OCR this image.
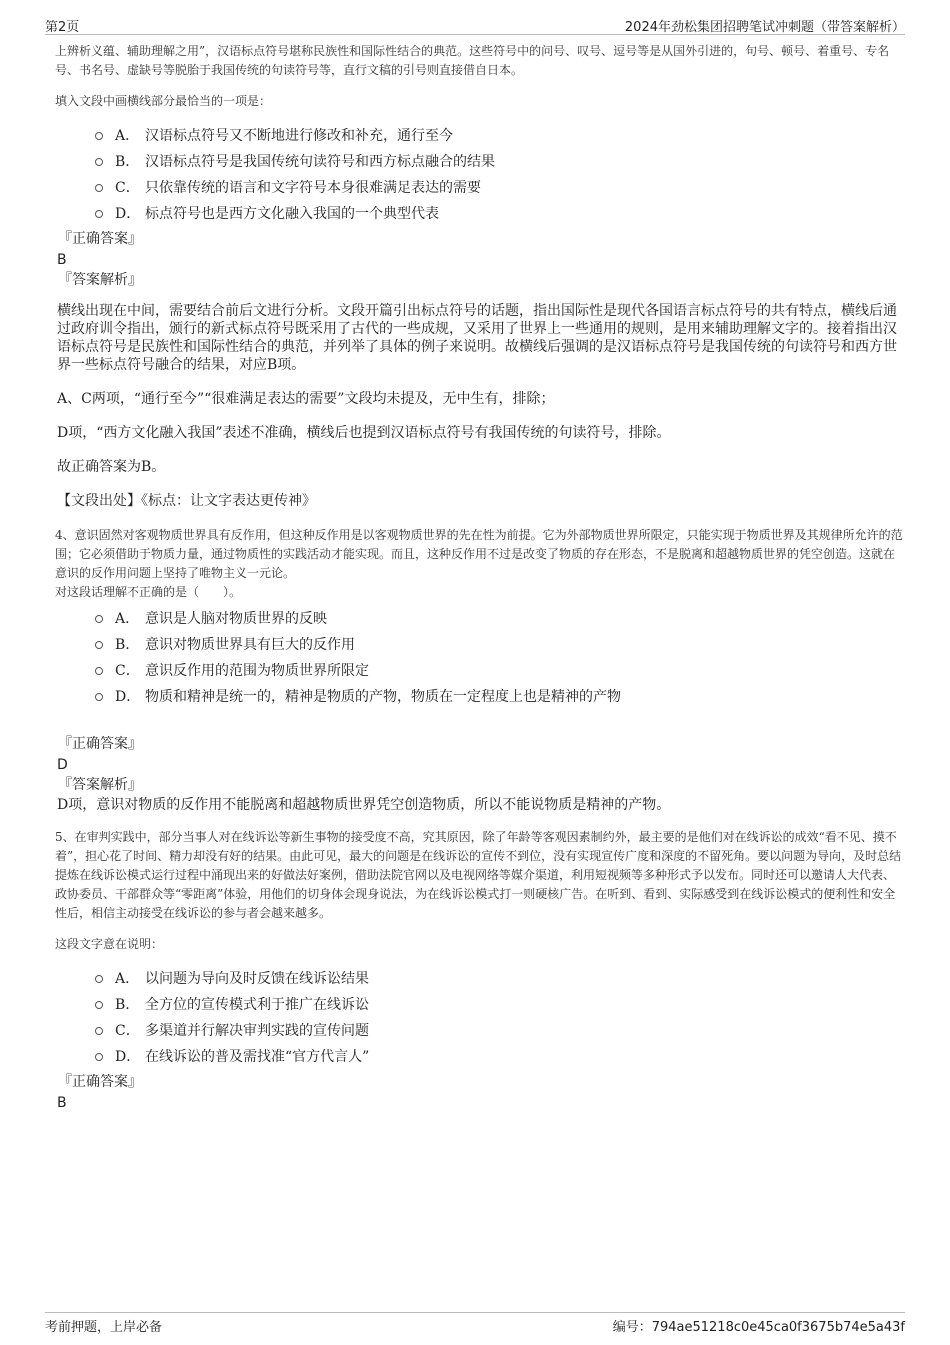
第2页	2024年劲松集团招聘笔试冲刺题（带答案解析）

上辨析义蕴、辅助理解之用”，汉语标点符号堪称民族性和国际性结合的典范。这些符号中的问号、叹号、逗号等是从国外引进的，句号、顿号、着重号、专名号、书名号、虚缺号等脱胎于我国传统的句读符号等，直行文稿的引号则直接借自日本。

填入文段中画横线部分最恰当的一项是：

A． 汉语标点符号又不断地进行修改和补充，通行至今
B． 汉语标点符号是我国传统句读符号和西方标点融合的结果
C． 只依靠传统的语言和文字符号本身很难满足表达的需要
D． 标点符号也是西方文化融入我国的一个典型代表

『正确答案』

B

『答案解析』

横线出现在中间，需要结合前后文进行分析。文段开篇引出标点符号的话题，指出国际性是现代各国语言标点符号的共有特点，横线后通过政府训令指出，颁行的新式标点符号既采用了古代的一些成规，又采用了世界上一些通用的规则，是用来辅助理解文字的。接着指出汉语标点符号是民族性和国际性结合的典范，并列举了具体的例子来说明。故横线后强调的是汉语标点符号是我国传统的句读符号和西方世界一些标点符号融合的结果，对应B项。

A、C两项，“通行至今”“很难满足表达的需要”文段均未提及，无中生有，排除；

D项，“西方文化融入我国”表述不准确，横线后也提到汉语标点符号有我国传统的句读符号，排除。

故正确答案为B。

【文段出处】《标点：让文字表达更传神》

4、意识固然对客观物质世界具有反作用，但这种反作用是以客观物质世界的先在性为前提。它为外部物质世界所限定，只能实现于物质世界及其规律所允许的范围；它必须借助于物质力量，通过物质性的实践活动才能实现。而且，这种反作用不过是改变了物质的存在形态，不是脱离和超越物质世界的凭空创造。这就在意识的反作用问题上坚持了唯物主义一元论。

对这段话理解不正确的是（　　）。

A． 意识是人脑对物质世界的反映
B． 意识对物质世界具有巨大的反作用
C． 意识反作用的范围为物质世界所限定
D． 物质和精神是统一的，精神是物质的产物，物质在一定程度上也是精神的产物

『正确答案』

D

『答案解析』

D项，意识对物质的反作用不能脱离和超越物质世界凭空创造物质，所以不能说物质是精神的产物。

5、在审判实践中，部分当事人对在线诉讼等新生事物的接受度不高，究其原因，除了年龄等客观因素制约外，最主要的是他们对在线诉讼的成效“看不见、摸不着”，担心花了时间、精力却没有好的结果。由此可见，最大的问题是在线诉讼的宣传不到位，没有实现宣传广度和深度的不留死角。要以问题为导向，及时总结提炼在线诉讼模式运行过程中涌现出来的好做法好案例，借助法院官网以及电视网络等媒介渠道，利用短视频等多种形式予以发布。同时还可以邀请人大代表、政协委员、干部群众等“零距离”体验，用他们的切身体会现身说法，为在线诉讼模式打一则硬核广告。在听到、看到、实际感受到在线诉讼模式的便利性和安全性后，相信主动接受在线诉讼的参与者会越来越多。

这段文字意在说明：

A． 以问题为导向及时反馈在线诉讼结果
B． 全方位的宣传模式利于推广在线诉讼
C． 多渠道并行解决审判实践的宣传问题
D． 在线诉讼的普及需找准“官方代言人”

『正确答案』

B

考前押题，上岸必备	编号：794ae51218c0e45ca0f3675b74e5a43f
